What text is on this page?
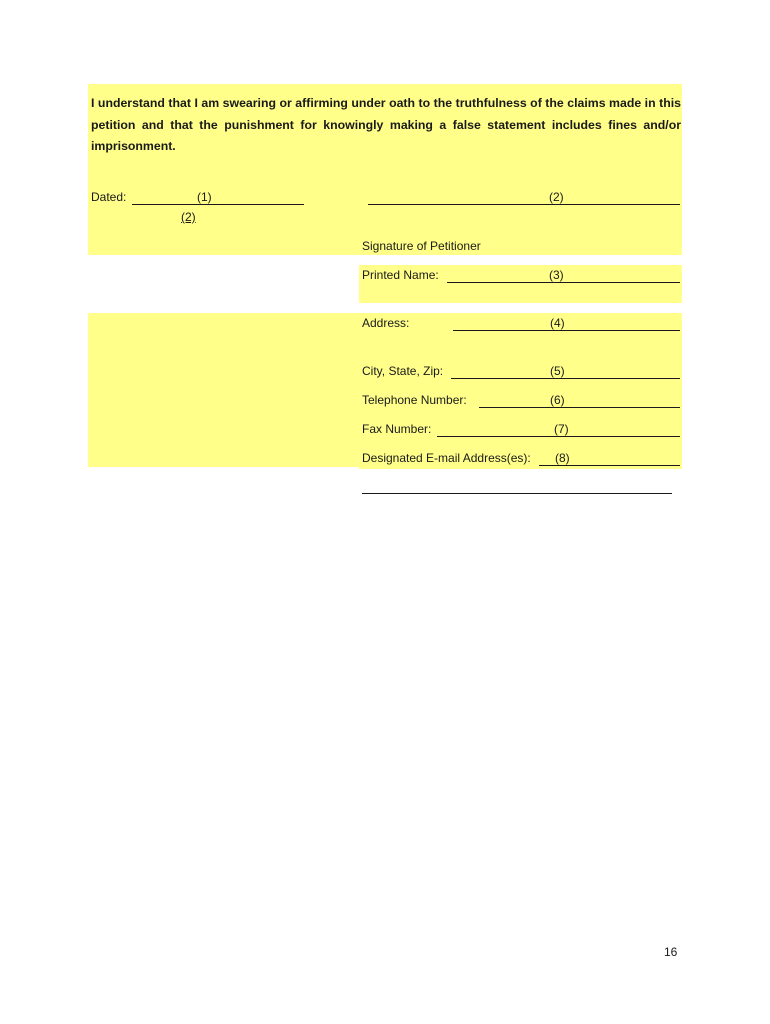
I understand that I am swearing or affirming under oath to the truthfulness of the claims made in this petition and that the punishment for knowingly making a false statement includes fines and/or imprisonment.
Dated:	(1)
(2)
(2)
Signature of Petitioner
Printed Name:	(3)
Address:	(4)
City, State, Zip:	(5)
Telephone Number:	(6)
Fax Number:	(7)
Designated E-mail Address(es): (8)
16
